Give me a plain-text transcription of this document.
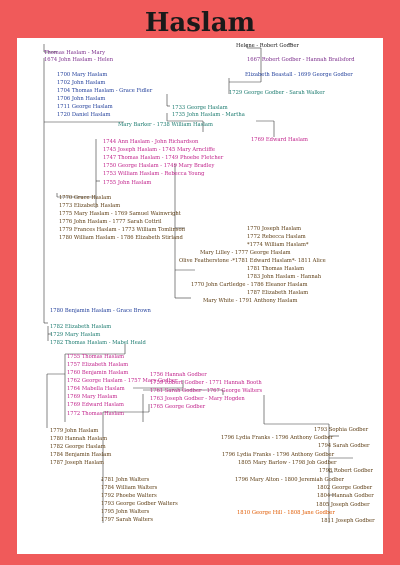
Haslam
Helene - Robert Godber
Thomas Haslam - Mary
1674 John Haslam - Helen	1667 Robert Godber - Hannah Brailsford
1700 Mary Haslam
1702 John Haslam
1704 Thomas Haslam - Grace Fidler
1706 John Haslam
1711 George Haslam
1720 Daniel Haslam
Elizabeth Beastall - 1699 George Godber
1729 George Godber - Sarah Walker
1733 George Haslam
1735 John Haslam - Martha
Mary Barker - 1738 William Haslam
1769 Edward Haslam
1744 Ann Haslam - John Richardson
1745 Joseph Haslam - 1745 Mary Arncliffe
1747 Thomas Haslam - 1749 Phoebe Fletcher
1750 George Haslam - 1749 Mary Bradley
1753 William Haslam - Rebecca Young
1755 John Haslam
1770 Grace Haslam
1773 Elizabeth Haslam
1775 Mary Haslam - 1769 Samuel Wainwright
1776 John Haslam - 1777 Sarah Cottril
1779 Frances Haslam - 1773 William Tomlinson
1780 William Haslam - 1786 Elizabeth Stirland
1770 Joseph Haslam
1772 Rebecca Haslam
*1774 William Haslam*
Mary Lilley - 1777 George Haslam
Olive Featherstone -*1781 Edward Haslam*- 1811 Alice
1781 Thomas Haslam
1783 John Haslam - Hannah
1770 John Cartledge - 1786 Eleanor Haslam
1787 Elizabeth Haslam
Mary White - 1791 Anthony Haslam
1780 Benjamin Haslam - Grace Brown
1782 Elizabeth Haslam
1729 Mary Haslam
1782 Thomas Haslam - Mabel Heald
1755 Thomas Haslam
1757 Elizabeth Haslam
1760 Benjamin Haslam
1762 George Haslam - 1757 Mary Godber
1764 Mabella Haslam
1769 Mary Haslam
1769 Edward Haslam
1772 Thomas Haslam
1756 Hannah Godber
1759 Robert Godber - 1771 Hannah Booth
1761 Sarah Godber - 1767 George Walters
1763 Joseph Godber - Mary Hogden
1765 George Godber
1779 John Haslam
1780 Hannah Haslam
1782 George Haslam
1784 Benjamin Haslam
1787 Joseph Haslam
1793 Sophia Godber
1796 Lydia Franks - 1796 Anthony Godber
1794 Sarah Godber
1796 Lydia Franks - 1796 Anthony Godber
1805 Mary Barlow - 1798 Job Godber
1798 Robert Godber
1796 Mary Alton - 1800 Jeremiah Godber
1802 George Godber
1804 Hannah Godber
1805 Joseph Godber
1810 George Hill - 1808 Jane Godber
1811 Joseph Godber
1781 John Walters
1784 William Walters
1792 Phoebe Walters
1793 George Godber Walters
1795 John Walters
1797 Sarah Walters
